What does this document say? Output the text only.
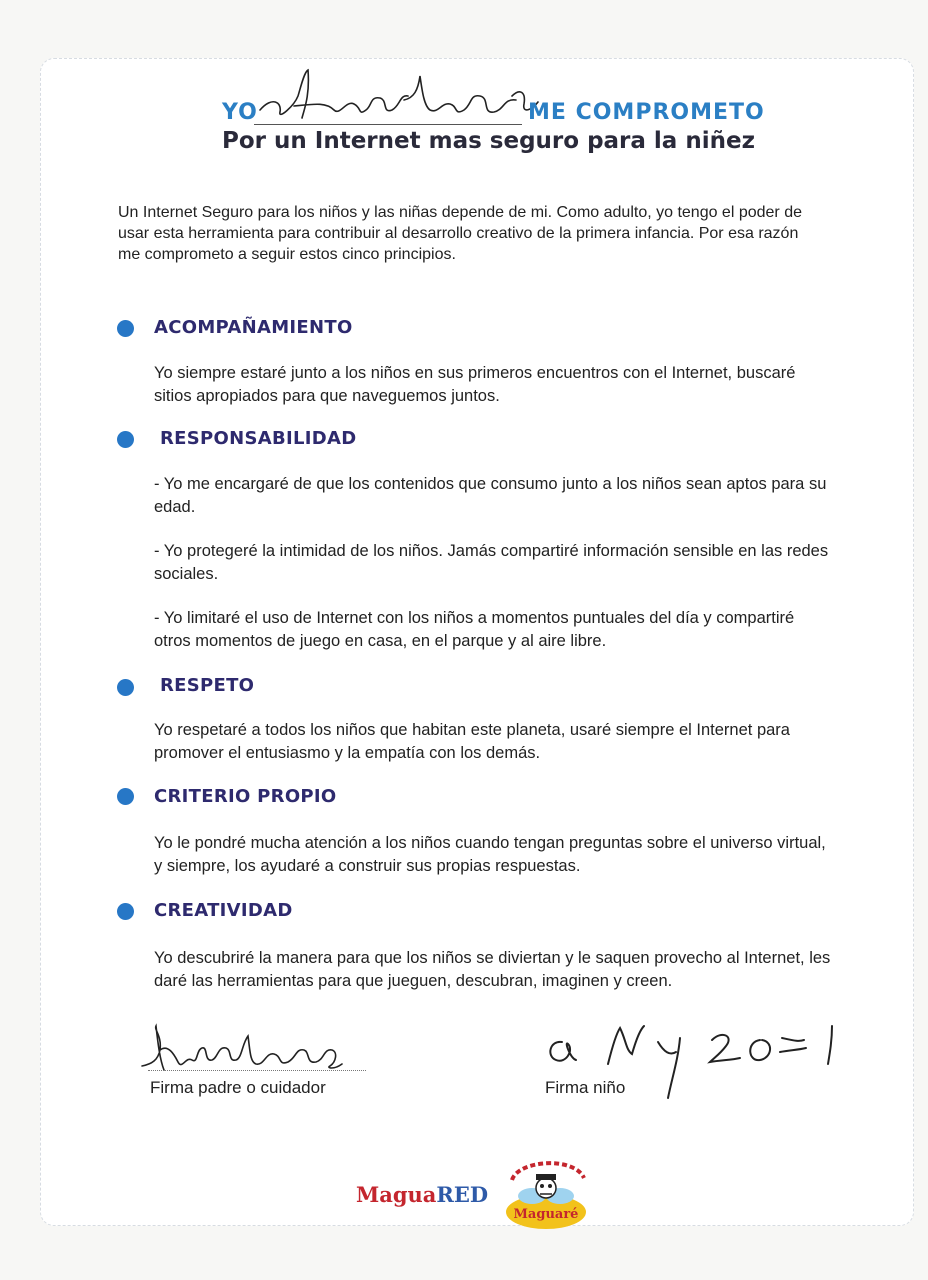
YO	ME COMPROMETO
Por un Internet mas seguro para la niñez
Un Internet Seguro para los niños y las niñas depende de mi. Como adulto, yo tengo el poder de usar esta herramienta para contribuir al desarrollo creativo de la primera infancia. Por esa razón me comprometo a seguir estos cinco principios.
ACOMPAÑAMIENTO
Yo siempre estaré junto a los niños en sus primeros encuentros con el Internet, buscaré sitios apropiados para que naveguemos juntos.
RESPONSABILIDAD
- Yo me encargaré de que los contenidos que consumo junto a los niños sean aptos para su edad.
- Yo protegeré la intimidad de los niños. Jamás compartiré información sensible en las redes sociales.
- Yo limitaré el uso de Internet con los niños a momentos puntuales del día y compartiré otros momentos de juego en casa, en el parque y al aire libre.
RESPETO
Yo respetaré a todos los niños que habitan este planeta, usaré siempre el Internet para promover el entusiasmo y la empatía con los demás.
CRITERIO PROPIO
Yo le pondré mucha atención a los niños cuando tengan preguntas sobre el universo virtual, y siempre, los ayudaré a construir sus propias respuestas.
CREATIVIDAD
Yo descubriré la manera para que los niños se diviertan y le saquen provecho al Internet, les daré las herramientas para que jueguen, descubran, imaginen y creen.
Firma padre o cuidador	Firma niño
MaguaRED
Maguaré
